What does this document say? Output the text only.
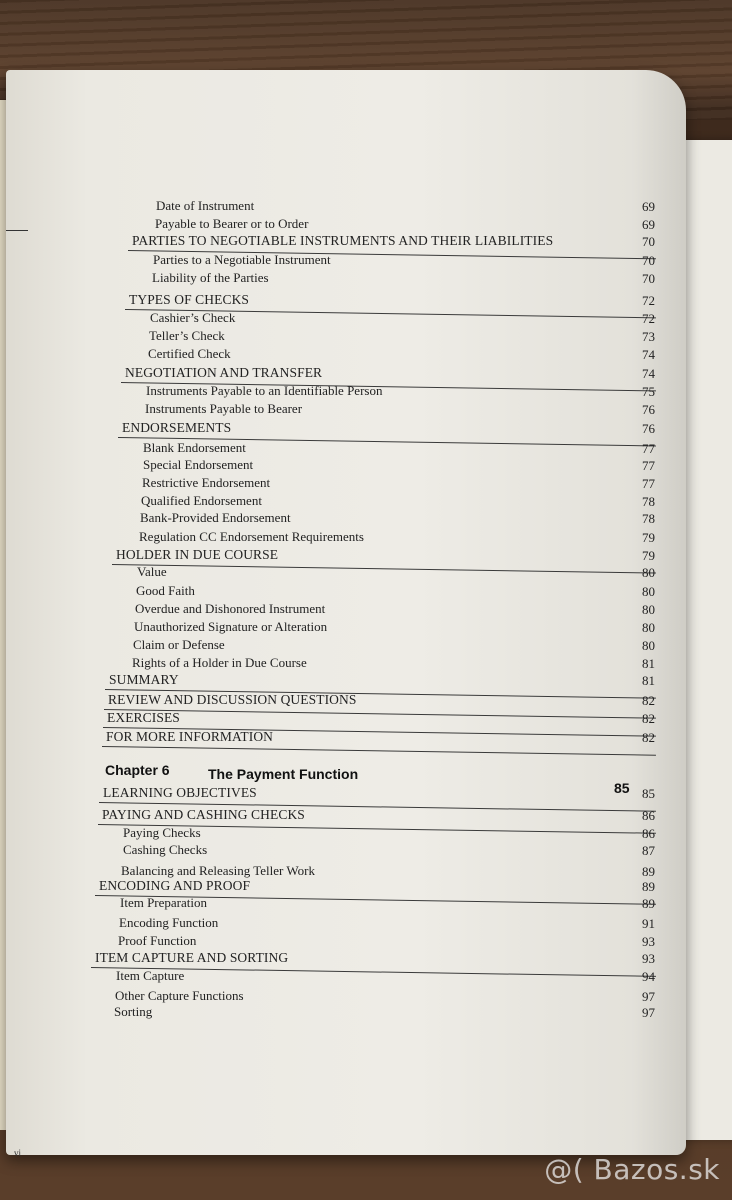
Date of Instrument	69
Payable to Bearer or to Order	69
PARTIES TO NEGOTIABLE INSTRUMENTS AND THEIR LIABILITIES	70
Parties to a Negotiable Instrument	70
Liability of the Parties	70
TYPES OF CHECKS	72
Cashier’s Check	72
Teller’s Check	73
Certified Check	74
NEGOTIATION AND TRANSFER	74
Instruments Payable to an Identifiable Person	75
Instruments Payable to Bearer	76
ENDORSEMENTS	76
Blank Endorsement	77
Special Endorsement	77
Restrictive Endorsement	77
Qualified Endorsement	78
Bank-Provided Endorsement	78
Regulation CC Endorsement Requirements	79
HOLDER IN DUE COURSE	79
Value	80
Good Faith	80
Overdue and Dishonored Instrument	80
Unauthorized Signature or Alteration	80
Claim or Defense	80
Rights of a Holder in Due Course	81
SUMMARY	81
REVIEW AND DISCUSSION QUESTIONS	82
EXERCISES	82
FOR MORE INFORMATION	82
Chapter 6	The Payment Function
85
LEARNING OBJECTIVES	85
PAYING AND CASHING CHECKS	86
Paying Checks	86
Cashing Checks	87
Balancing and Releasing Teller Work	89
ENCODING AND PROOF	89
Item Preparation	89
Encoding Function	91
Proof Function	93
ITEM CAPTURE AND SORTING	93
Item Capture	94
Other Capture Functions	97
Sorting	97
vi	@( Bazos.sk
